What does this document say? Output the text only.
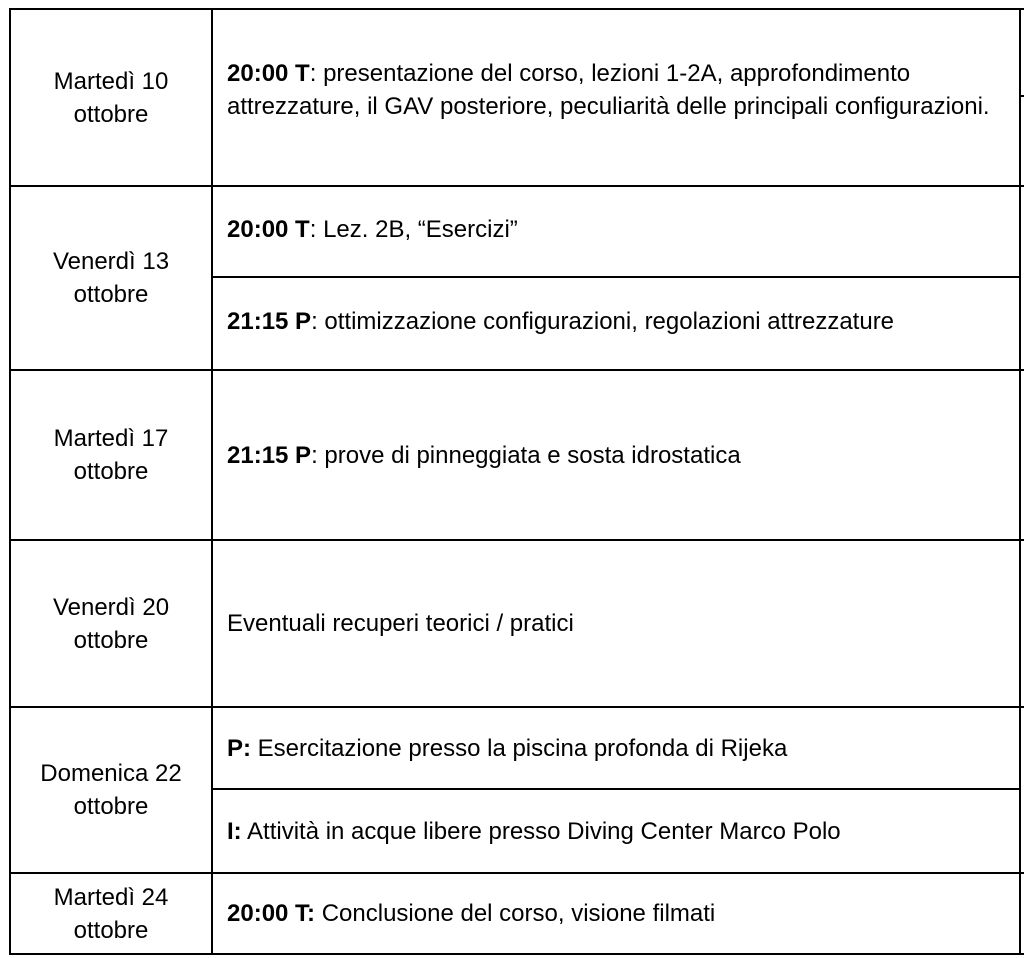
Martedì 10
ottobre	20:00 T: presentazione del corso, lezioni 1-2A, approfondimento attrezzature, il GAV posteriore, peculiarità delle principali configurazioni.	

Venerdì 13
ottobre	20:00 T: Lez. 2B, “Esercizi”	
	21:15 P: ottimizzazione configurazioni, regolazioni attrezzature	

Martedì 17
ottobre	21:15 P: prove di pinneggiata e sosta idrostatica	

Venerdì 20
ottobre	Eventuali recuperi teorici / pratici	

Domenica 22
ottobre	P: Esercitazione presso la piscina profonda di Rijeka	
	I: Attività in acque libere presso Diving Center Marco Polo	

Martedì 24
ottobre	20:00 T: Conclusione del corso, visione filmati	
